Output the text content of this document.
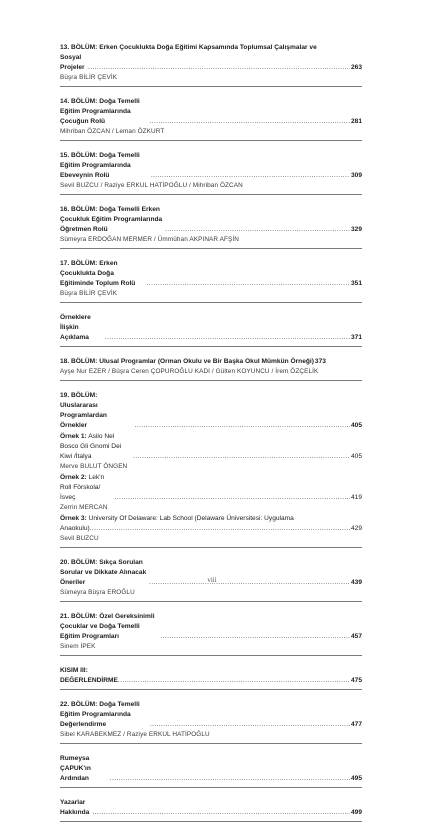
13. BÖLÜM: Erken Çocuklukta Doğa Eğitimi Kapsamında Toplumsal Çalışmalar ve
Sosyal Projeler .....	263
Büşra BİLİR ÇEVİK
14. BÖLÜM: Doğa Temelli Eğitim Programlarında Çocuğun Rolü .....	281
Mihriban ÖZCAN / Leman ÖZKURT
15. BÖLÜM: Doğa Temelli Eğitim Programlarında Ebeveynin Rolü .....	309
Sevil BUZCU / Raziye ERKUL HATİPOĞLU / Mihriban ÖZCAN
16. BÖLÜM: Doğa Temelli Erken Çocukluk Eğitim Programlarında Öğretmen Rolü .....	329
Sümeyra ERDOĞAN MERMER / Ümmühan AKPINAR AFŞİN
17. BÖLÜM: Erken Çocuklukta Doğa Eğitiminde Toplum Rolü .....	351
Büşra BİLİR ÇEVİK
Örneklere İlişkin Açıklama .....	371
18. BÖLÜM: Ulusal Programlar (Orman Okulu ve Bir Başka Okul Mümkün Örneği) 373
Ayşe Nur EZER / Büşra Ceren ÇOPUROĞLU KADI / Gülten KOYUNCU / İrem ÖZÇELİK
19. BÖLÜM: Uluslararası Programlardan Örnekler .....	405
Örnek 1: Asilo Nel Bosco Gli Gnomi Dei Kiwi /İtalya .....	405
Merve BULUT ÖNGEN
Örnek 2: Lek'n Roll Förskola/ İsveç .....	419
Zerrin MERCAN
Örnek 3: University Of Delaware: Lab School (Delaware Üniversitesi: Uygulama
Anaokulu) .....	429
Sevil BUZCU
20. BÖLÜM: Sıkça Sorulan Sorular ve Dikkate Alınacak Öneriler .....	439
Sümeyra Büşra EROĞLU
21. BÖLÜM: Özel Gereksinimli Çocuklar ve Doğa Temelli Eğitim Programları .....	457
Sinem İPEK
KISIM III: DEĞERLENDİRME .....	475
22. BÖLÜM: Doğa Temelli Eğitim Programlarında Değerlendirme .....	477
Sibel KARABEKMEZ / Raziye ERKUL HATİPOĞLU
Rumeysa ÇAPUK'ın Ardından .....	495
Yazarlar Hakkında .....	499
viii
